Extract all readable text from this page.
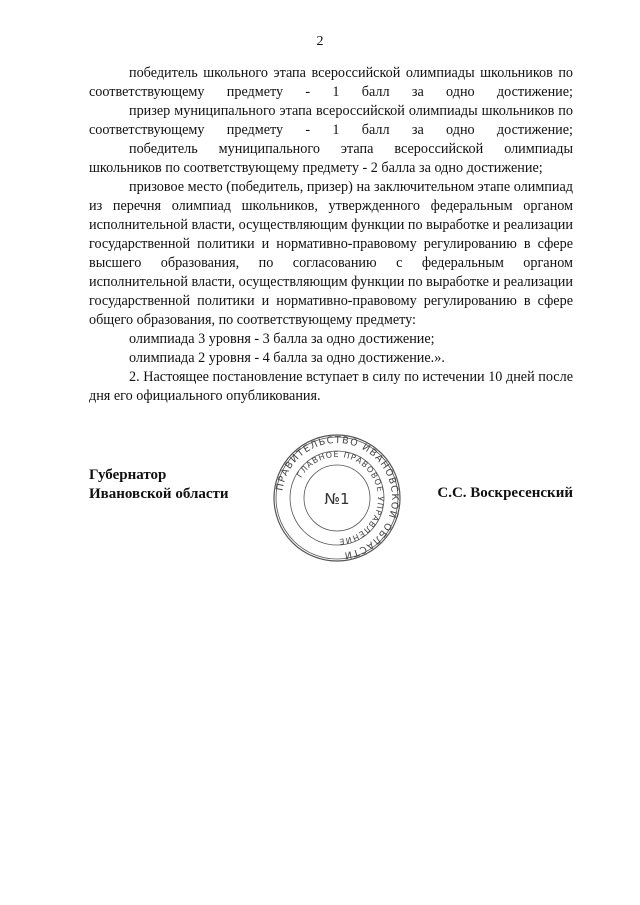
2

победитель школьного этапа всероссийской олимпиады школьников по соответствующему предмету - 1 балл за одно достижение;

призер муниципального этапа всероссийской олимпиады школьников по соответствующему предмету - 1 балл за одно достижение;

победитель муниципального этапа всероссийской олимпиады школьников по соответствующему предмету - 2 балла за одно достижение;

призовое место (победитель, призер) на заключительном этапе олимпиад из перечня олимпиад школьников, утвержденного федеральным органом исполнительной власти, осуществляющим функции по выработке и реализации государственной политики и нормативно-правовому регулированию в сфере высшего образования, по согласованию с федеральным органом исполнительной власти, осуществляющим функции по выработке и реализации государственной политики и нормативно-правовому регулированию в сфере общего образования, по соответствующему предмету:

олимпиада 3 уровня - 3 балла за одно достижение;

олимпиада 2 уровня - 4 балла за одно достижение.».

2. Настоящее постановление вступает в силу по истечении 10 дней после дня его официального опубликования.

Губернатор
Ивановской области	ПРАВИТЕЛЬСТВО ИВАНОВСКОЙ ОБЛАСТИ
ГЛАВНОЕ ПРАВОВОЕ УПРАВЛЕНИЕ
№1	С.С. Воскресенский
